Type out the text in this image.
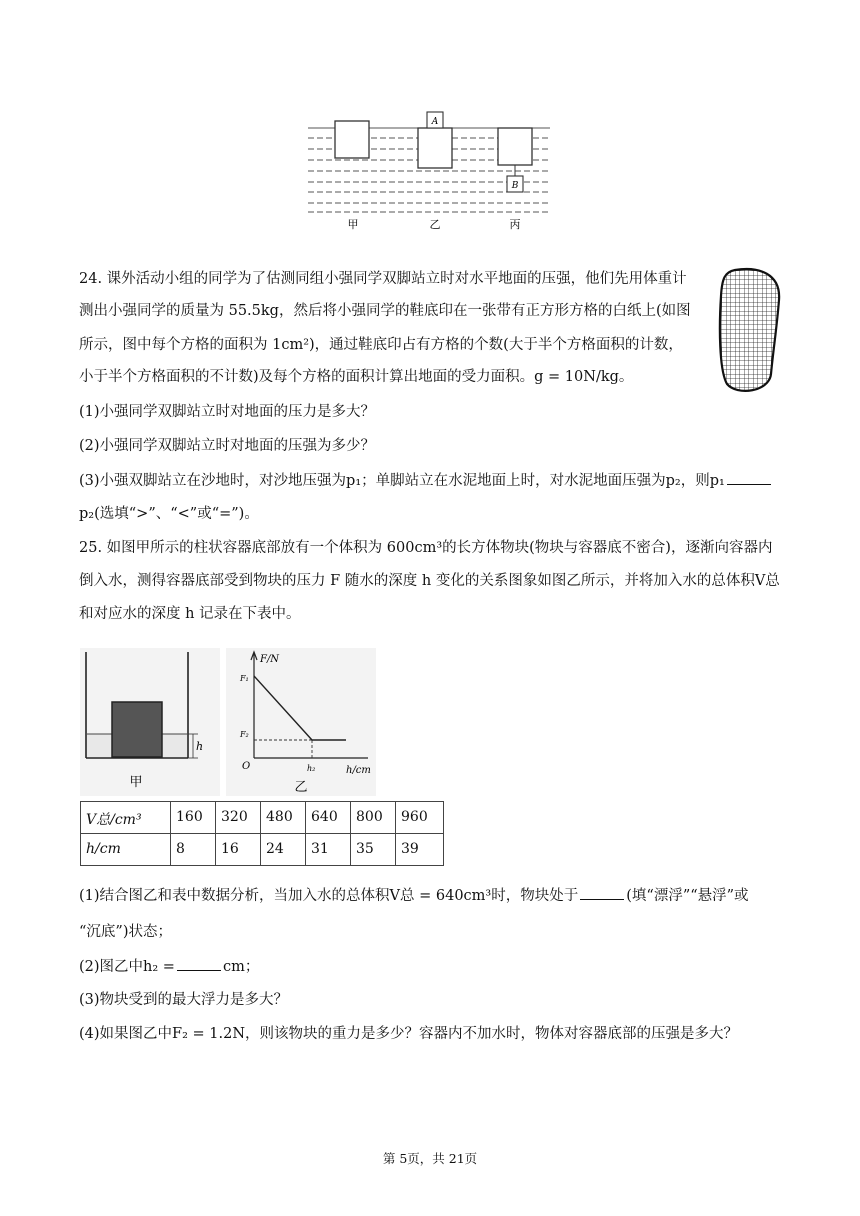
A
B
甲	乙	丙
24. 课外活动小组的同学为了估测同组小强同学双脚站立时对水平地面的压强，他们先用体重计
测出小强同学的质量为 55.5kg，然后将小强同学的鞋底印在一张带有正方形方格的白纸上(如图
所示，图中每个方格的面积为 1cm²)，通过鞋底印占有方格的个数(大于半个方格面积的计数，
小于半个方格面积的不计数)及每个方格的面积计算出地面的受力面积。g = 10N/kg。
(1)小强同学双脚站立时对地面的压力是多大？
(2)小强同学双脚站立时对地面的压强为多少？
(3)小强双脚站立在沙地时，对沙地压强为p₁；单脚站立在水泥地面上时，对水泥地面压强为p₂，则p₁
p₂(选填“>”、“<”或“=”)。
25. 如图甲所示的柱状容器底部放有一个体积为 600cm³的长方体物块(物块与容器底不密合)，逐渐向容器内
倒入水，测得容器底部受到物块的压力 F 随水的深度 h 变化的关系图象如图乙所示，并将加入水的总体积V总
和对应水的深度 h 记录在下表中。
h
甲
F/N
h/cm
O
F₁
F₂
h₂
乙
V总/cm³	160	320	480	640	800	960
h/cm	8	16	24	31	35	39
(1)结合图乙和表中数据分析，当加入水的总体积V总 = 640cm³时，物块处于	(填“漂浮”“悬浮”或
“沉底”)状态；
(2)图乙中h₂ =	cm；
(3)物块受到的最大浮力是多大？
(4)如果图乙中F₂ = 1.2N，则该物块的重力是多少？容器内不加水时，物体对容器底部的压强是多大？
第 5页，共 21页
